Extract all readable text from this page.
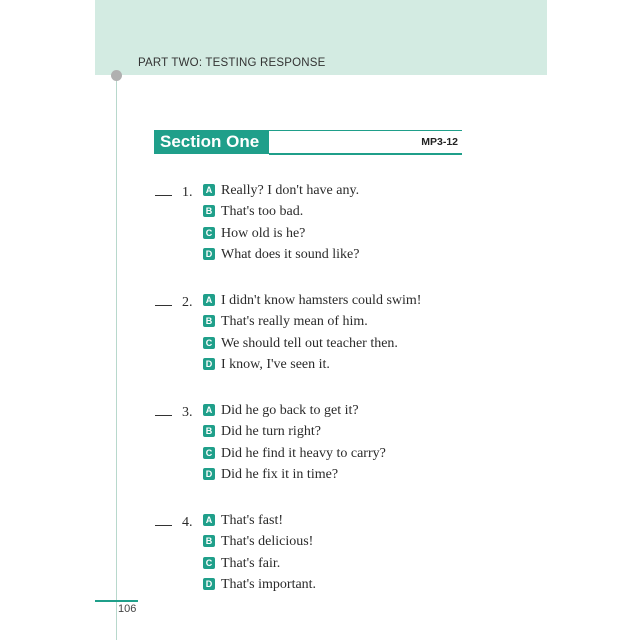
PART TWO: TESTING RESPONSE
Section One	MP3-12
1.	A Really? I don't have any.
B That's too bad.
C How old is he?
D What does it sound like?
2.	A I didn't know hamsters could swim!
B That's really mean of him.
C We should tell out teacher then.
D I know, I've seen it.
3.	A Did he go back to get it?
B Did he turn right?
C Did he find it heavy to carry?
D Did he fix it in time?
4.	A That's fast!
B That's delicious!
C That's fair.
D That's important.
106
